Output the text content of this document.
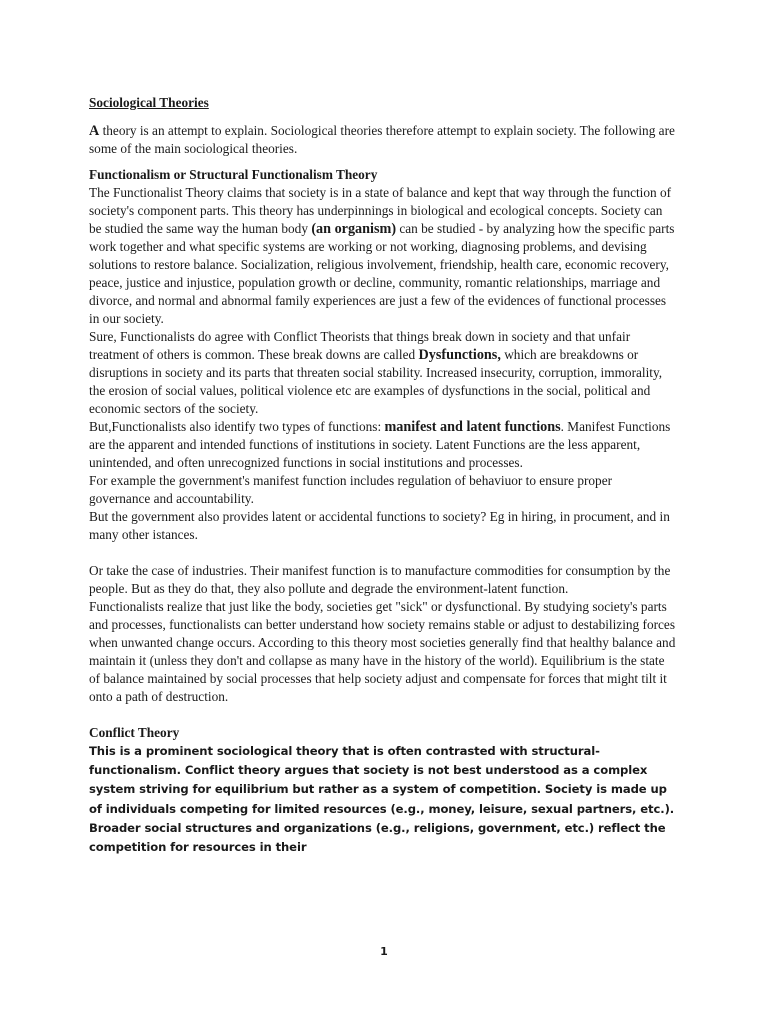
Sociological Theories

A theory is an attempt to explain. Sociological theories therefore attempt to explain society. The following are some of the main sociological theories.

Functionalism or Structural Functionalism Theory

The Functionalist Theory claims that society is in a state of balance and kept that way through the function of society's component parts. This theory has underpinnings in biological and ecological concepts. Society can be studied the same way the human body (an organism) can be studied - by analyzing how the specific parts work together and what specific systems are working or not working, diagnosing problems, and devising solutions to restore balance. Socialization, religious involvement, friendship, health care, economic recovery, peace, justice and injustice, population growth or decline, community, romantic relationships, marriage and divorce, and normal and abnormal family experiences are just a few of the evidences of functional processes in our society.

Sure, Functionalists do agree with Conflict Theorists that things break down in society and that unfair treatment of others is common. These break downs are called Dysfunctions, which are breakdowns or disruptions in society and its parts that threaten social stability. Increased insecurity, corruption, immorality, the erosion of social values, political violence etc are examples of dysfunctions in the social, political and economic sectors of the society.

But,Functionalists also identify two types of functions: manifest and latent functions. Manifest Functions are the apparent and intended functions of institutions in society. Latent Functions are the less apparent, unintended, and often unrecognized functions in social institutions and processes.

For example the government's manifest function includes regulation of behaviuor to ensure proper governance and accountability.

But the government also provides latent or accidental functions to society? Eg in hiring, in procument, and in many other istances.

Or take the case of industries. Their manifest function is to manufacture commodities for consumption by the people. But as they do that, they also pollute and degrade the environment-latent function.

Functionalists realize that just like the body, societies get "sick" or dysfunctional. By studying society's parts and processes, functionalists can better understand how society remains stable or adjust to destabilizing forces when unwanted change occurs. According to this theory most societies generally find that healthy balance and maintain it (unless they don't and collapse as many have in the history of the world). Equilibrium is the state of balance maintained by social processes that help society adjust and compensate for forces that might tilt it onto a path of destruction.

Conflict Theory

This is a prominent sociological theory that is often contrasted with structural-functionalism. Conflict theory argues that society is not best understood as a complex system striving for equilibrium but rather as a system of competition. Society is made up of individuals competing for limited resources (e.g., money, leisure, sexual partners, etc.). Broader social structures and organizations (e.g., religions, government, etc.) reflect the competition for resources in their

1
